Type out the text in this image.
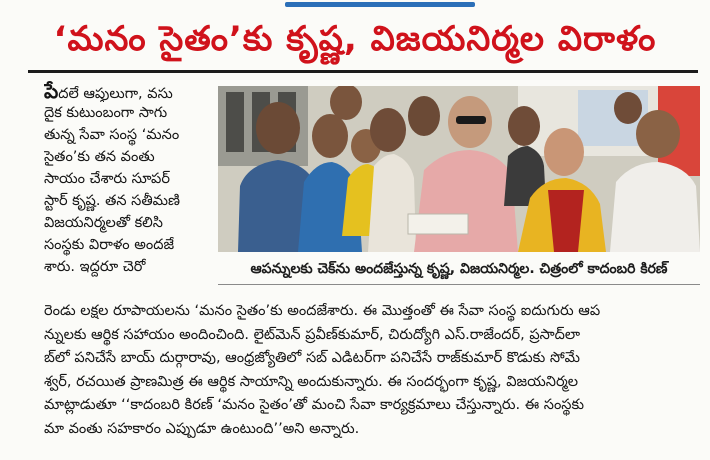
‘మనం సైతం’కు కృష్ణ, విజయనిర్మల విరాళం
పేదలే ఆప్తులుగా, వసు
దైక కుటుంబంగా సాగు
తున్న సేవా సంస్థ ‘మనం
సైతం’కు తన వంతు
సాయం చేశారు సూపర్
స్టార్ కృష్ణ. తన సతీమణి
విజయనిర్మలతో కలిసి
సంస్థకు విరాళం అందజే
శారు. ఇద్దరూ చెరో	ఆపన్నులకు చెక్‌ను అందజేస్తున్న కృష్ణ, విజయనిర్మల. చిత్రంలో కాదంబరి కిరణ్
రెండు లక్షల రూపాయలను ‘మనం సైతం’కు అందజేశారు. ఈ మొత్తంతో ఈ సేవా సంస్థ ఐదుగురు ఆప
న్నులకు ఆర్థిక సహాయం అందించింది. లైట్‌మెన్ ప్రవీణ్‌కుమార్, చిరుద్యోగి ఎస్.రాజేందర్, ప్రసాద్‌లా
బ్‌లో పనిచేసే బాయ్ దుర్గారావు, ఆంధ్రజ్యోతిలో సబ్ ఎడిటర్‌గా పనిచేసే రాజ్‌కుమార్ కొడుకు సోమే
శ్వర్, రచయిత ప్రాణమిత్ర ఈ ఆర్థిక సాయాన్ని అందుకున్నారు. ఈ సందర్భంగా కృష్ణ, విజయనిర్మల
మాట్లాడుతూ ‘‘కాదంబరి కిరణ్ ‘మనం సైతం’తో మంచి సేవా కార్యక్రమాలు చేస్తున్నారు. ఈ సంస్థకు
మా వంతు సహకారం ఎప్పుడూ ఉంటుంది’’అని అన్నారు.
